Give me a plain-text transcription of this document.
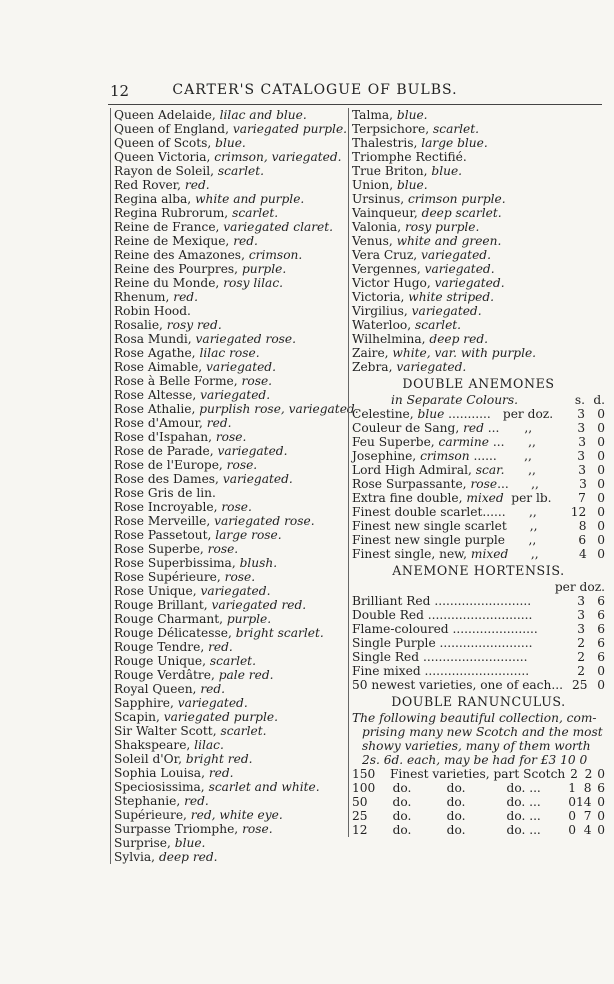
12	CARTER'S CATALOGUE OF BULBS.
Queen Adelaide, lilac and blue.
Queen of England, variegated purple.
Queen of Scots, blue.
Queen Victoria, crimson, variegated.
Rayon de Soleil, scarlet.
Red Rover, red.
Regina alba, white and purple.
Regina Rubrorum, scarlet.
Reine de France, variegated claret.
Reine de Mexique, red.
Reine des Amazones, crimson.
Reine des Pourpres, purple.
Reine du Monde, rosy lilac.
Rhenum, red.
Robin Hood.
Rosalie, rosy red.
Rosa Mundi, variegated rose.
Rose Agathe, lilac rose.
Rose Aimable, variegated.
Rose à Belle Forme, rose.
Rose Altesse, variegated.
Rose Athalie, purplish rose, variegated.
Rose d'Amour, red.
Rose d'Ispahan, rose.
Rose de Parade, variegated.
Rose de l'Europe, rose.
Rose des Dames, variegated.
Rose Gris de lin.
Rose Incroyable, rose.
Rose Merveille, variegated rose.
Rose Passetout, large rose.
Rose Superbe, rose.
Rose Superbissima, blush.
Rose Supérieure, rose.
Rose Unique, variegated.
Rouge Brillant, variegated red.
Rouge Charmant, purple.
Rouge Délicatesse, bright scarlet.
Rouge Tendre, red.
Rouge Unique, scarlet.
Rouge Verdâtre, pale red.
Royal Queen, red.
Sapphire, variegated.
Scapin, variegated purple.
Sir Walter Scott, scarlet.
Shakspeare, lilac.
Soleil d'Or, bright red.
Sophia Louisa, red.
Speciosissima, scarlet and white.
Stephanie, red.
Supérieure, red, white eye.
Surpasse Triomphe, rose.
Surprise, blue.
Sylvia, deep red.
Talma, blue.
Terpsichore, scarlet.
Thalestris, large blue.
Triomphe Rectifié.
True Briton, blue.
Union, blue.
Ursinus, crimson purple.
Vainqueur, deep scarlet.
Valonia, rosy purple.
Venus, white and green.
Vera Cruz, variegated.
Vergennes, variegated.
Victor Hugo, variegated.
Victoria, white striped.
Virgilius, variegated.
Waterloo, scarlet.
Wilhelmina, deep red.
Zaire, white, var. with purple.
Zebra, variegated.
DOUBLE ANEMONES
in Separate Colours.	s. d.
Celestine, blue ........... per doz.	3	0
Couleur de Sang, red ...	,,	3 0
Feu Superbe, carmine ...	,,	3 0
Josephine, crimson ......	,,	3	0
Lord High Admiral, scar.	,,	3 0
Rose Surpassante, rose...	,,	3 0
Extra fine double, mixed per lb.	7 0
Finest double scarlet......	,,	12 0
Finest new single scarlet	,,	8 0
Finest new single purple	,,	6 0
Finest single, new, mixed	,,	4 0
ANEMONE HORTENSIS.
per doz.
Brilliant Red .........................	3	6
Double Red ...........................	3	6
Flame-coloured ......................	3	6
Single Purple ........................	2	6
Single Red ...........................	2	6
Fine mixed ...........................	2	0
50 newest varieties, one of each... 25 0
DOUBLE RANUNCULUS.
The following beautiful collection, com-
prising many new Scotch and the most
showy varieties, many of them worth
2s. 6d. each, may be had for £3 10 0
150	Finest varieties, part Scotch 2 2 0
100	do.	do.	do. ...	1 8 6
50	do.	do.	do. ...	0 14 0
25	do.	do.	do. ...	0 7 0
12	do.	do.	do. ...	0 4 0
